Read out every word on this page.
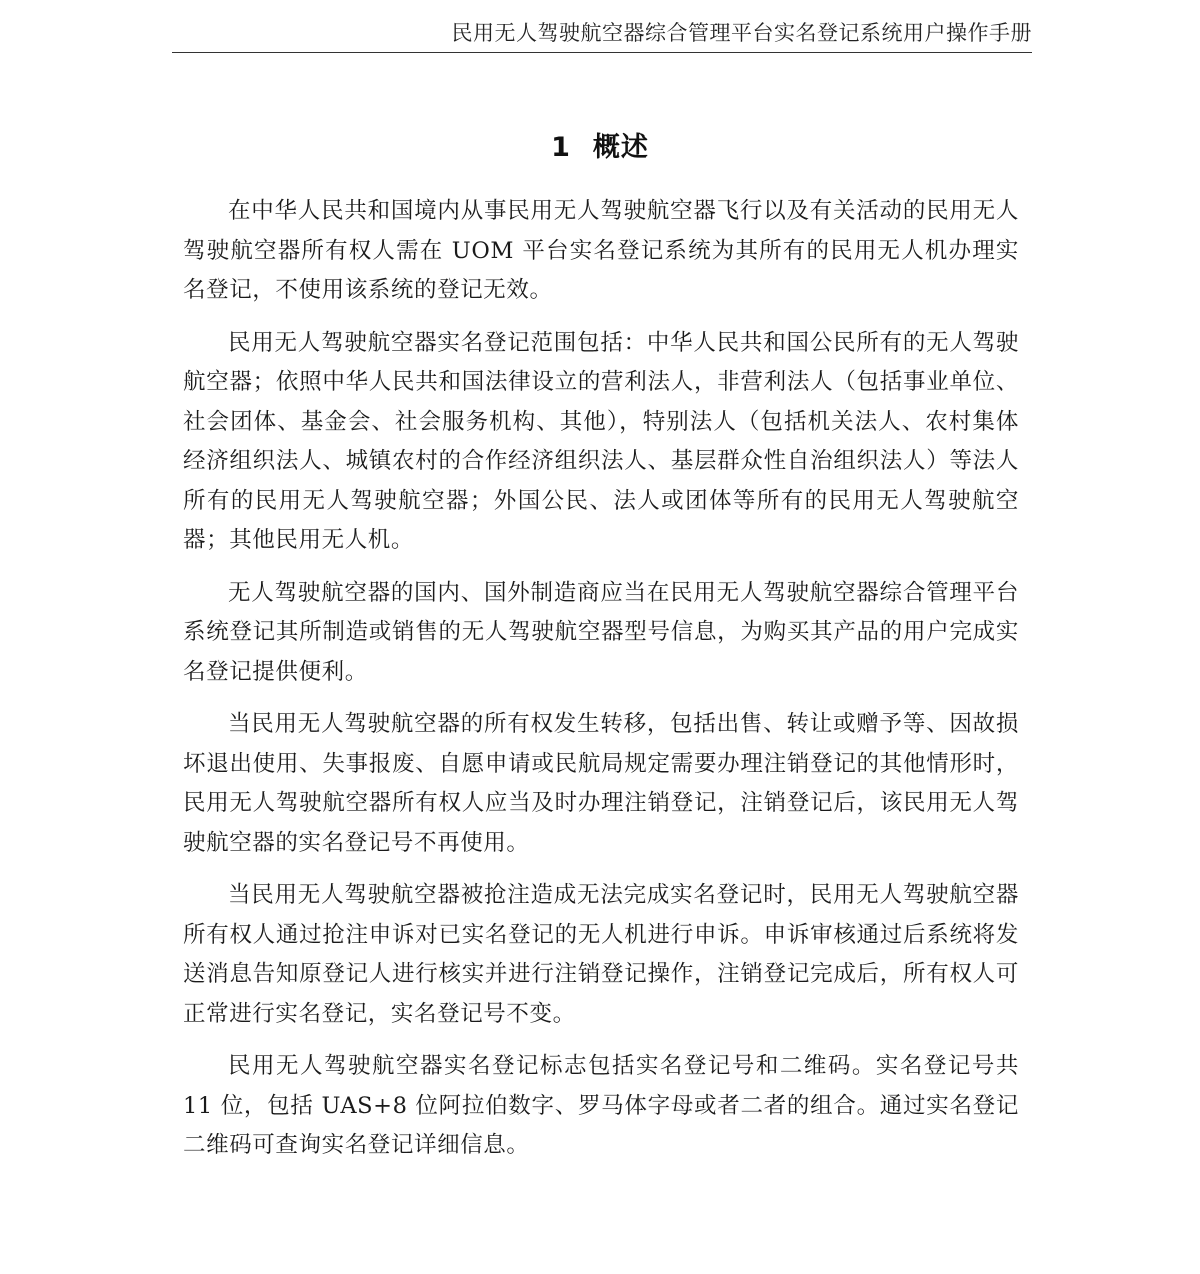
民用无人驾驶航空器综合管理平台实名登记系统用户操作手册
1 概述

在中华人民共和国境内从事民用无人驾驶航空器飞行以及有关活动的民用无人驾驶航空器所有权人需在 UOM 平台实名登记系统为其所有的民用无人机办理实名登记，不使用该系统的登记无效。

民用无人驾驶航空器实名登记范围包括：中华人民共和国公民所有的无人驾驶航空器；依照中华人民共和国法律设立的营利法人，非营利法人（包括事业单位、社会团体、基金会、社会服务机构、其他），特别法人（包括机关法人、农村集体经济组织法人、城镇农村的合作经济组织法人、基层群众性自治组织法人）等法人所有的民用无人驾驶航空器；外国公民、法人或团体等所有的民用无人驾驶航空器；其他民用无人机。

无人驾驶航空器的国内、国外制造商应当在民用无人驾驶航空器综合管理平台系统登记其所制造或销售的无人驾驶航空器型号信息，为购买其产品的用户完成实名登记提供便利。

当民用无人驾驶航空器的所有权发生转移，包括出售、转让或赠予等、因故损坏退出使用、失事报废、自愿申请或民航局规定需要办理注销登记的其他情形时，民用无人驾驶航空器所有权人应当及时办理注销登记，注销登记后，该民用无人驾驶航空器的实名登记号不再使用。

当民用无人驾驶航空器被抢注造成无法完成实名登记时，民用无人驾驶航空器所有权人通过抢注申诉对已实名登记的无人机进行申诉。申诉审核通过后系统将发送消息告知原登记人进行核实并进行注销登记操作，注销登记完成后，所有权人可正常进行实名登记，实名登记号不变。

民用无人驾驶航空器实名登记标志包括实名登记号和二维码。实名登记号共 11 位，包括 UAS+8 位阿拉伯数字、罗马体字母或者二者的组合。通过实名登记二维码可查询实名登记详细信息。
